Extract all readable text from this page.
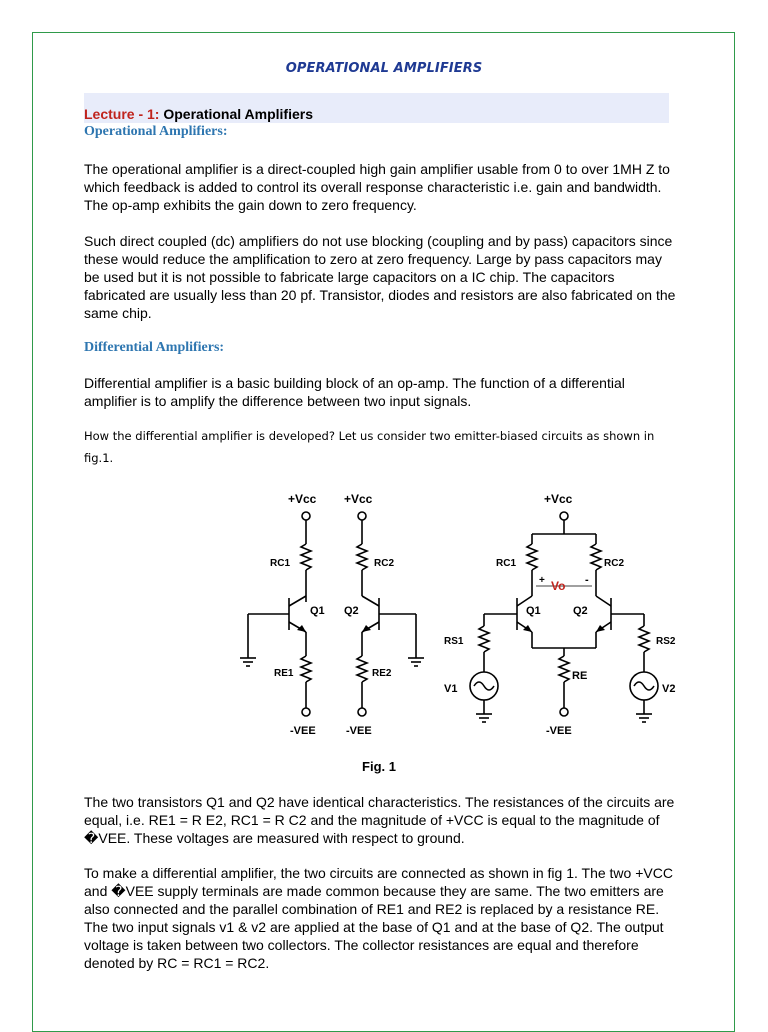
OPERATIONAL AMPLIFIERS
Lecture - 1: Operational Amplifiers
Operational Amplifiers:
The operational amplifier is a direct-coupled high gain amplifier usable from 0 to over 1MH Z to which feedback is added to control its overall response characteristic i.e. gain and bandwidth. The op-amp exhibits the gain down to zero frequency.
Such direct coupled (dc) amplifiers do not use blocking (coupling and by pass) capacitors since these would reduce the amplification to zero at zero frequency. Large by pass capacitors may be used but it is not possible to fabricate large capacitors on a IC chip. The capacitors fabricated are usually less than 20 pf. Transistor, diodes and resistors are also fabricated on the same chip.
Differential Amplifiers:
Differential amplifier is a basic building block of an op-amp. The function of a differential amplifier is to amplify the difference between two input signals.
How the differential amplifier is developed? Let us consider two emitter-biased circuits as shown in fig.1.
+Vcc +Vcc	+Vcc
RC1	RC2	RC1	RC2
Q1 Q2	Q1	Q2
RE1	RE2	RE
RS1	RS2
V1	V2
+	-
Vo
-VEE	-VEE	-VEE
Fig. 1
The two transistors Q1 and Q2 have identical characteristics. The resistances of the circuits are equal, i.e. RE1 = R E2, RC1 = R C2 and the magnitude of +VCC is equal to the magnitude of �VEE. These voltages are measured with respect to ground.
To make a differential amplifier, the two circuits are connected as shown in fig 1. The two +VCC and �VEE supply terminals are made common because they are same. The two emitters are also connected and the parallel combination of RE1 and RE2 is replaced by a resistance RE. The two input signals v1 & v2 are applied at the base of Q1 and at the base of Q2. The output voltage is taken between two collectors. The collector resistances are equal and therefore denoted by RC = RC1 = RC2.
